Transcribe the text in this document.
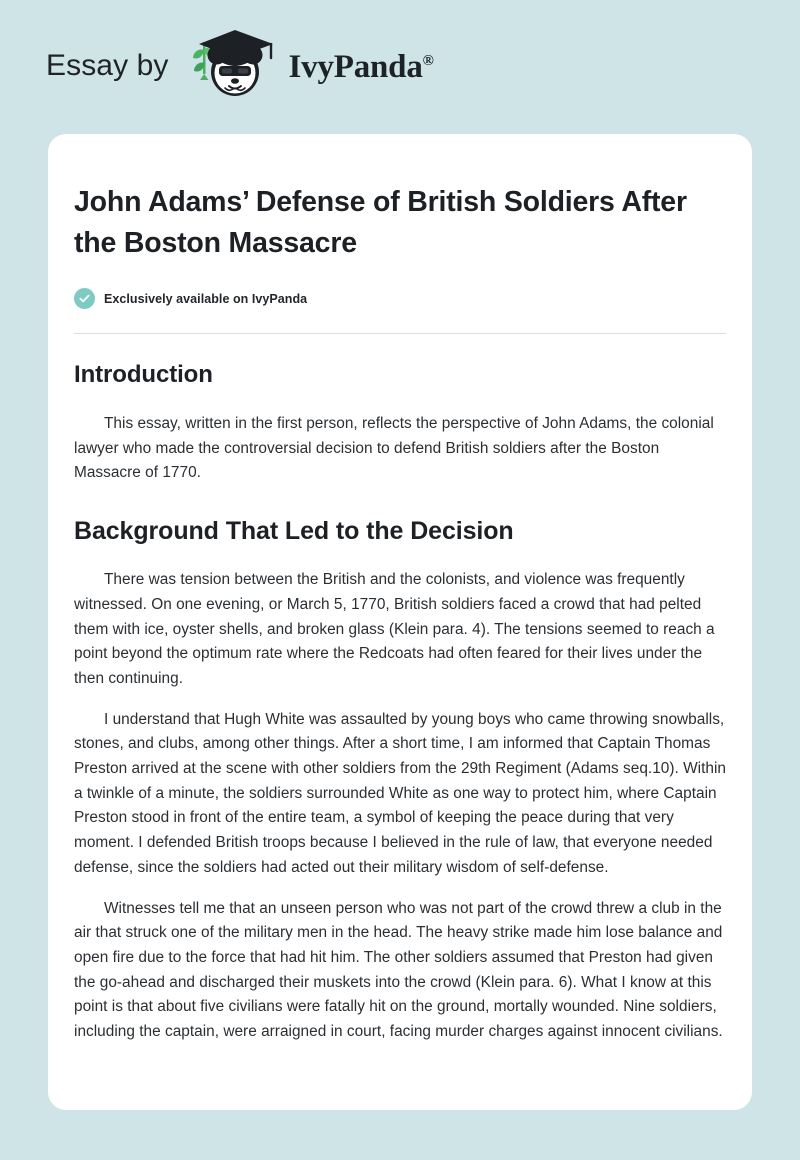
Essay by	IvyPanda®
John Adams’ Defense of British Soldiers After the Boston Massacre
Exclusively available on IvyPanda
Introduction

This essay, written in the first person, reflects the perspective of John Adams, the colonial lawyer who made the controversial decision to defend British soldiers after the Boston Massacre of 1770.

Background That Led to the Decision

There was tension between the British and the colonists, and violence was frequently witnessed. On one evening, or March 5, 1770, British soldiers faced a crowd that had pelted them with ice, oyster shells, and broken glass (Klein para. 4). The tensions seemed to reach a point beyond the optimum rate where the Redcoats had often feared for their lives under the then continuing.

I understand that Hugh White was assaulted by young boys who came throwing snowballs, stones, and clubs, among other things. After a short time, I am informed that Captain Thomas Preston arrived at the scene with other soldiers from the 29th Regiment (Adams seq.10). Within a twinkle of a minute, the soldiers surrounded White as one way to protect him, where Captain Preston stood in front of the entire team, a symbol of keeping the peace during that very moment. I defended British troops because I believed in the rule of law, that everyone needed defense, since the soldiers had acted out their military wisdom of self-defense.

Witnesses tell me that an unseen person who was not part of the crowd threw a club in the air that struck one of the military men in the head. The heavy strike made him lose balance and open fire due to the force that had hit him. The other soldiers assumed that Preston had given the go-ahead and discharged their muskets into the crowd (Klein para. 6). What I know at this point is that about five civilians were fatally hit on the ground, mortally wounded. Nine soldiers, including the captain, were arraigned in court, facing murder charges against innocent civilians.
